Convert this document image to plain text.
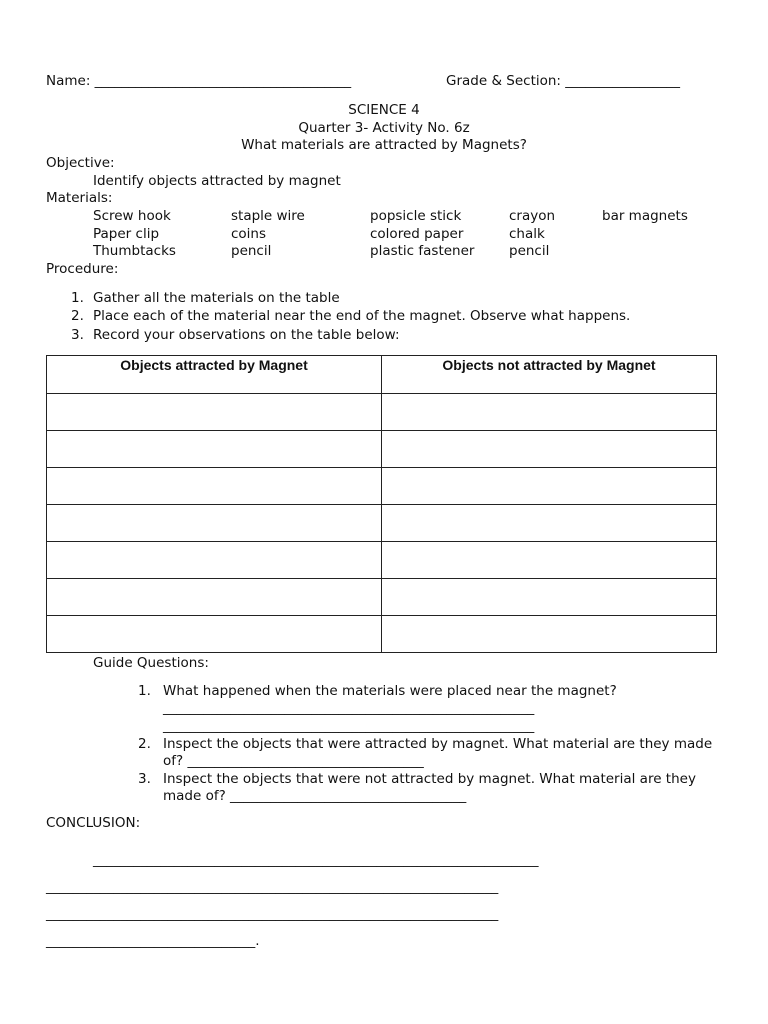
Name: ______________________________________	Grade & Section: _________________
SCIENCE 4
Quarter 3- Activity No. 6z
What materials are attracted by Magnets?
Objective:
Identify objects attracted by magnet
Materials:
Screw hook	staple wire	popsicle stick	crayon	bar magnets
Paper clip	coins	colored paper	chalk
Thumbtacks	pencil	plastic fastener	pencil
Procedure:
1. Gather all the materials on the table
2. Place each of the material near the end of the magnet. Observe what happens.
3. Record your observations on the table below:
Objects attracted by Magnet	Objects not attracted by Magnet

Guide Questions:
1. What happened when the materials were placed near the magnet?
_______________________________________________________
_______________________________________________________
2. Inspect the objects that were attracted by magnet. What material are they made
of? ___________________________________
3. Inspect the objects that were not attracted by magnet. What material are they
made of? ___________________________________
CONCLUSION:
__________________________________________________________________
___________________________________________________________________
___________________________________________________________________
_______________________________.
